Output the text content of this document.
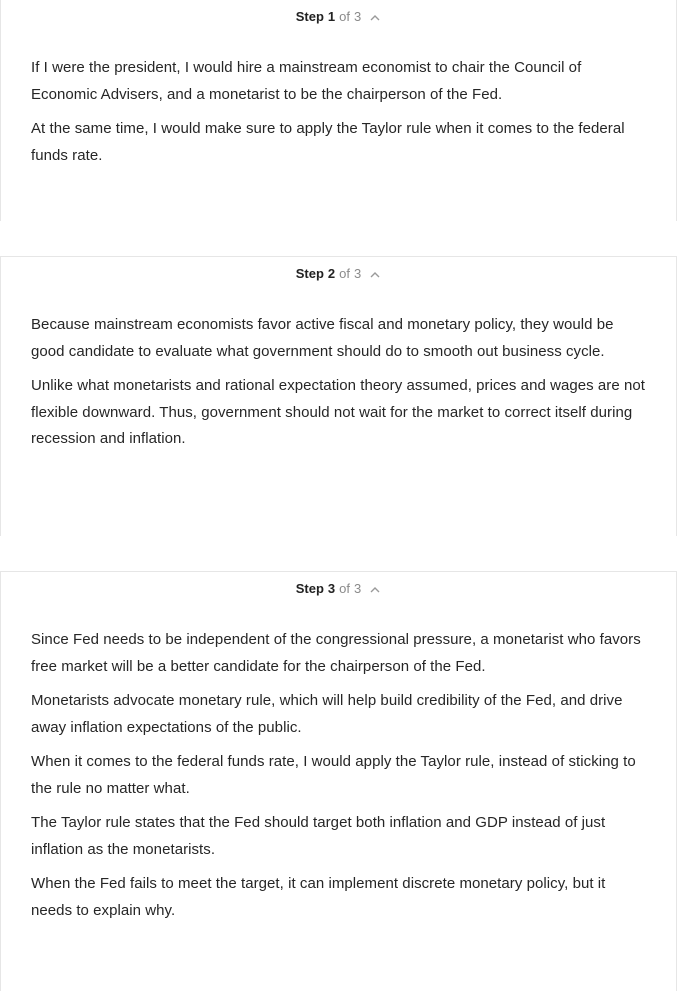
Step 1 of 3

If I were the president, I would hire a mainstream economist to chair the Council of Economic Advisers, and a monetarist to be the chairperson of the Fed.

At the same time, I would make sure to apply the Taylor rule when it comes to the federal funds rate.

Step 2 of 3

Because mainstream economists favor active fiscal and monetary policy, they would be good candidate to evaluate what government should do to smooth out business cycle.

Unlike what monetarists and rational expectation theory assumed, prices and wages are not flexible downward. Thus, government should not wait for the market to correct itself during recession and inflation.

Step 3 of 3

Since Fed needs to be independent of the congressional pressure, a monetarist who favors free market will be a better candidate for the chairperson of the Fed.

Monetarists advocate monetary rule, which will help build credibility of the Fed, and drive away inflation expectations of the public.

When it comes to the federal funds rate, I would apply the Taylor rule, instead of sticking to the rule no matter what.

The Taylor rule states that the Fed should target both inflation and GDP instead of just inflation as the monetarists.

When the Fed fails to meet the target, it can implement discrete monetary policy, but it needs to explain why.
